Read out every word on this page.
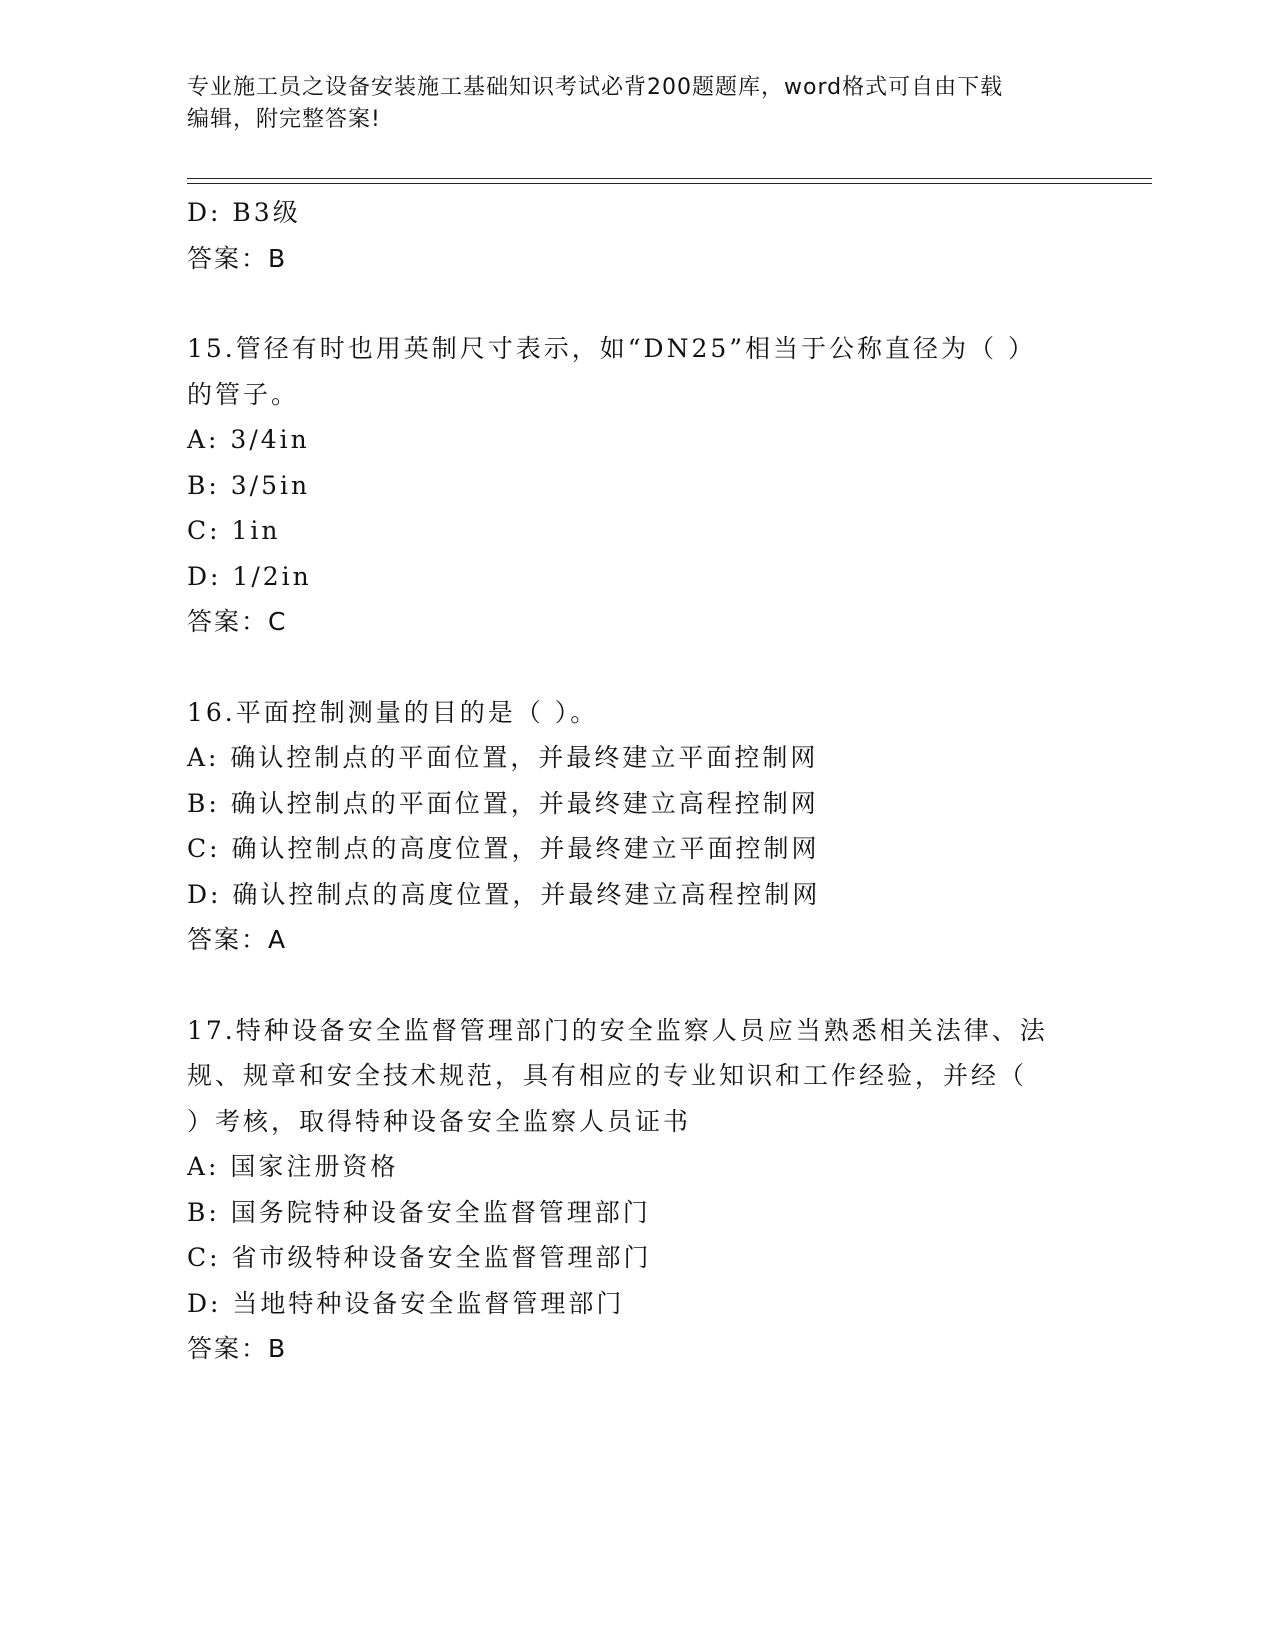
专业施工员之设备安装施工基础知识考试必背200题题库，word格式可自由下载
编辑，附完整答案!
D: B3级
答案：B
15.管径有时也用英制尺寸表示，如“DN25”相当于公称直径为（ ）
的管子。
A: 3/4in
B: 3/5in
C: 1in
D: 1/2in
答案：C
16.平面控制测量的目的是（ ）。
A: 确认控制点的平面位置，并最终建立平面控制网
B: 确认控制点的平面位置，并最终建立高程控制网
C: 确认控制点的高度位置，并最终建立平面控制网
D: 确认控制点的高度位置，并最终建立高程控制网
答案：A
17.特种设备安全监督管理部门的安全监察人员应当熟悉相关法律、法
规、规章和安全技术规范，具有相应的专业知识和工作经验，并经（
）考核，取得特种设备安全监察人员证书
A: 国家注册资格
B: 国务院特种设备安全监督管理部门
C: 省市级特种设备安全监督管理部门
D: 当地特种设备安全监督管理部门
答案：B
